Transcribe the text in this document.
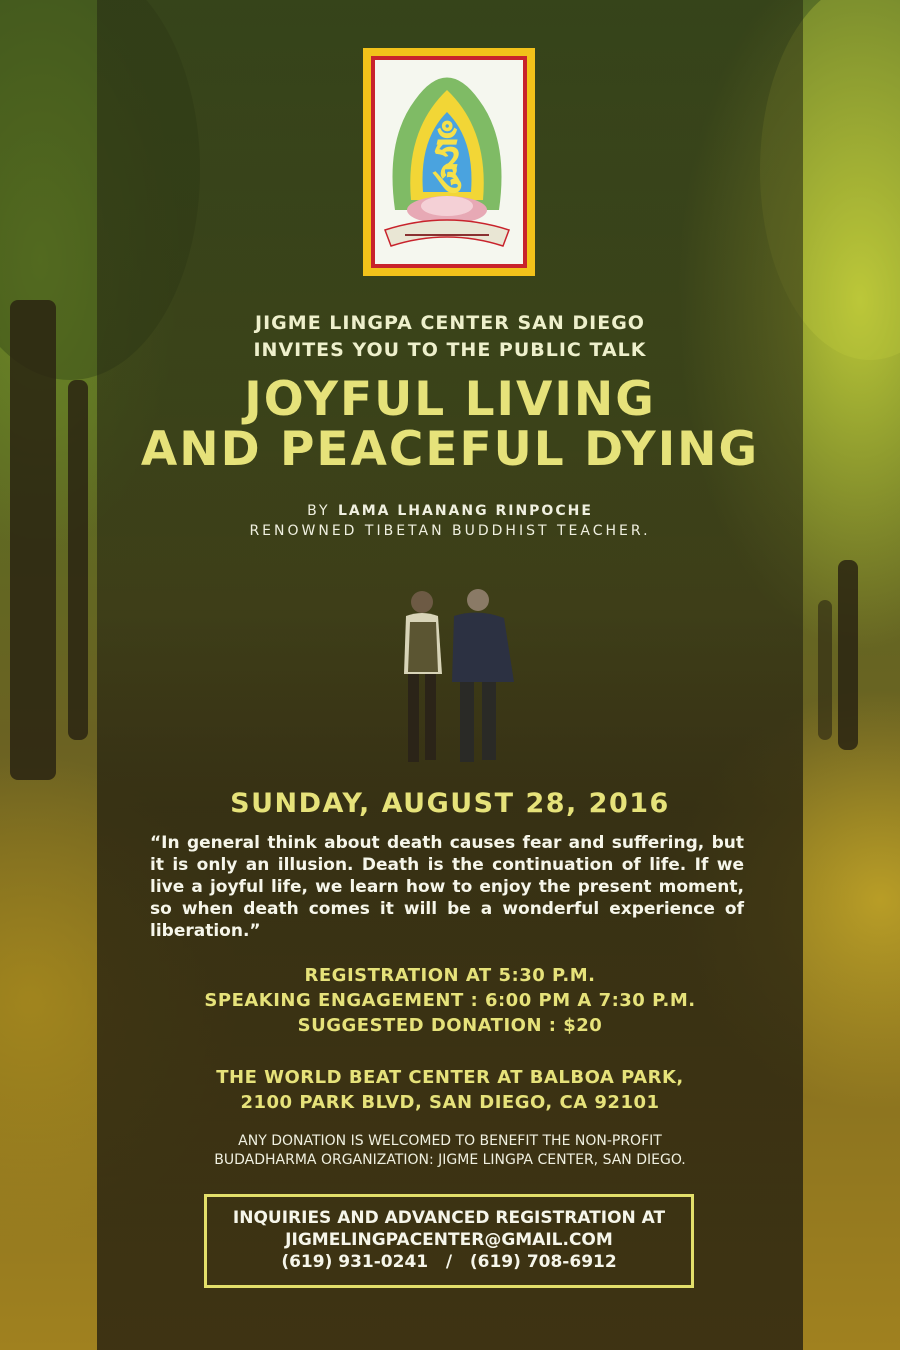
ཧཱུྃ
JIGME LINGPA CENTER SAN DIEGO
INVITES YOU TO THE PUBLIC TALK
JOYFUL LIVING
AND PEACEFUL DYING
BY LAMA LHANANG RINPOCHE
RENOWNED TIBETAN BUDDHIST TEACHER.
SUNDAY, AUGUST 28, 2016
“In general think about death causes fear and suffering, but it is only an illusion. Death is the continuation of life. If we live a joyful life, we learn how to enjoy the present moment, so when death comes it will be a wonderful experience of liberation.”
REGISTRATION AT 5:30 P.M.
SPEAKING ENGAGEMENT : 6:00 PM A 7:30 P.M.
SUGGESTED DONATION : $20
THE WORLD BEAT CENTER AT BALBOA PARK,
2100 PARK BLVD, SAN DIEGO, CA 92101
ANY DONATION IS WELCOMED TO BENEFIT THE NON-PROFIT
BUDADHARMA ORGANIZATION: JIGME LINGPA CENTER, SAN DIEGO.
INQUIRIES AND ADVANCED REGISTRATION AT
JIGMELINGPACENTER@GMAIL.COM
(619) 931-0241 / (619) 708-6912
